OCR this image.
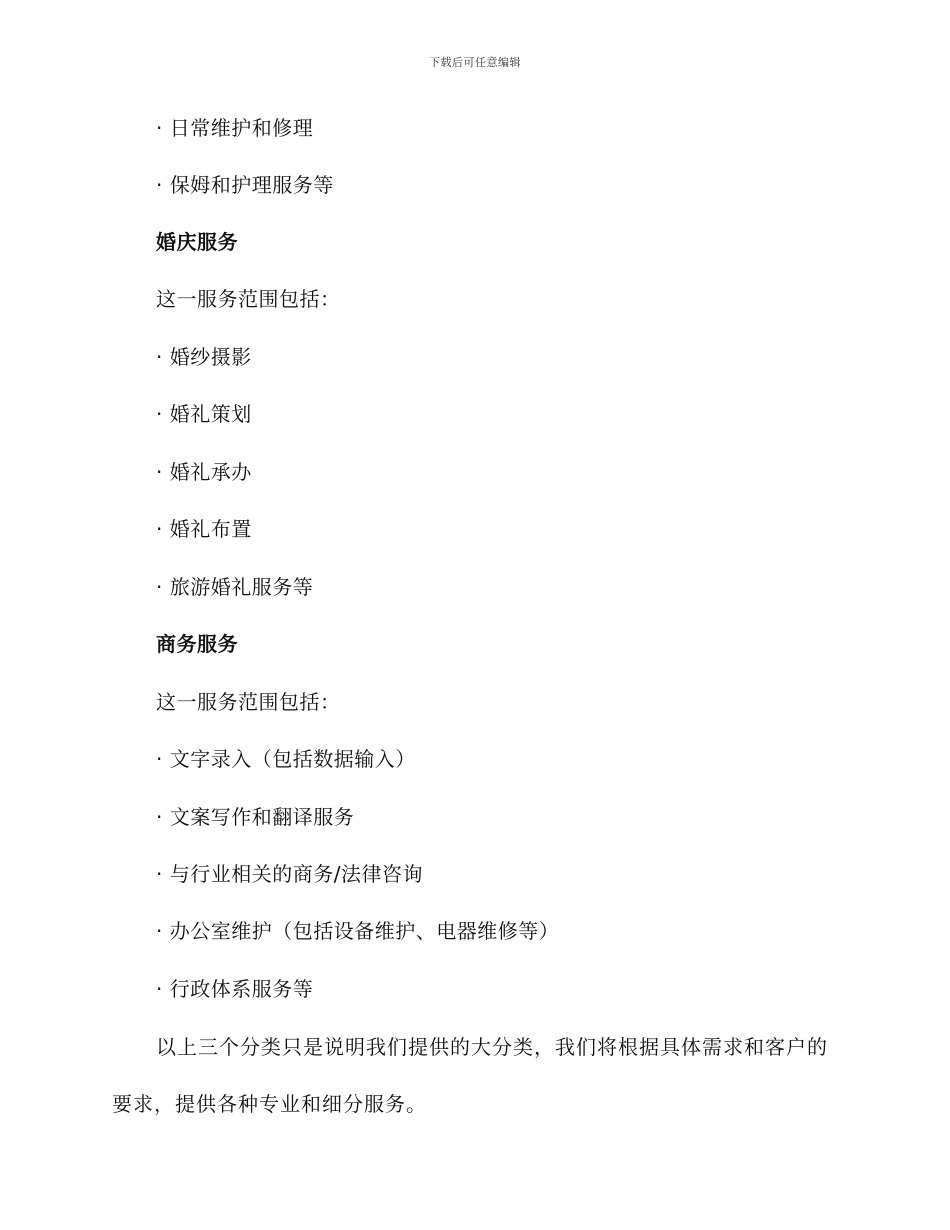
下载后可任意编辑
· 日常维护和修理
· 保姆和护理服务等
婚庆服务
这一服务范围包括：
· 婚纱摄影
· 婚礼策划
· 婚礼承办
· 婚礼布置
· 旅游婚礼服务等
商务服务
这一服务范围包括：
· 文字录入（包括数据输入）
· 文案写作和翻译服务
· 与行业相关的商务/法律咨询
· 办公室维护（包括设备维护、电器维修等）
· 行政体系服务等
以上三个分类只是说明我们提供的大分类，我们将根据具体需求和客户的要求，提供各种专业和细分服务。
